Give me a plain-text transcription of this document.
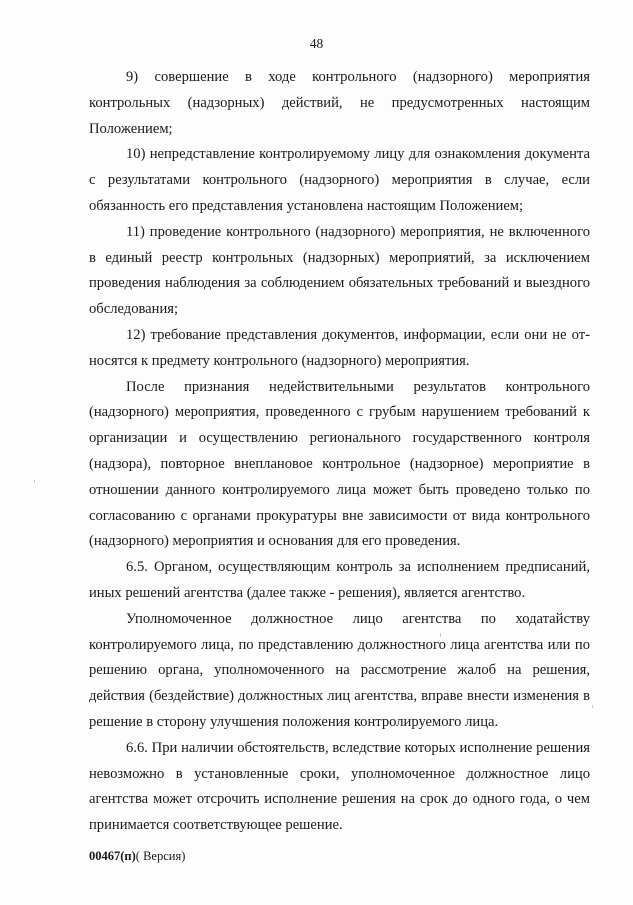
48

9) совершение в ходе контрольного (надзорного) мероприятия контрольных (надзорных) действий, не предусмотренных настоящим Положением;

10) непредставление контролируемому лицу для ознакомления документа с результатами контрольного (надзорного) мероприятия в случае, если обязанность его представления установлена настоящим Положением;

11) проведение контрольного (надзорного) мероприятия, не включенного в единый реестр контрольных (надзорных) мероприятий, за исключением проведения наблюдения за соблюдением обязательных требований и выездного обследования;

12) требование представления документов, информации, если они не относятся к предмету контрольного (надзорного) мероприятия.

После признания недействительными результатов контрольного (надзорного) мероприятия, проведенного с грубым нарушением требований к организации и осуществлению регионального государственного контроля (надзора), повторное внеплановое контрольное (надзорное) мероприятие в отношении данного контролируемого лица может быть проведено только по согласованию с органами прокуратуры вне зависимости от вида контрольного (надзорного) мероприятия и основания для его проведения.

6.5. Органом, осуществляющим контроль за исполнением предписаний, иных решений агентства (далее также - решения), является агентство.

Уполномоченное должностное лицо агентства по ходатайству контролируемого лица, по представлению должностного лица агентства или по решению органа, уполномоченного на рассмотрение жалоб на решения, действия (бездействие) должностных лиц агентства, вправе внести изменения в решение в сторону улучшения положения контролируемого лица.

6.6. При наличии обстоятельств, вследствие которых исполнение решения невозможно в установленные сроки, уполномоченное должностное лицо агентства может отсрочить исполнение решения на срок до одного года, о чем принимается соответствующее решение.

00467(п)( Версия)
